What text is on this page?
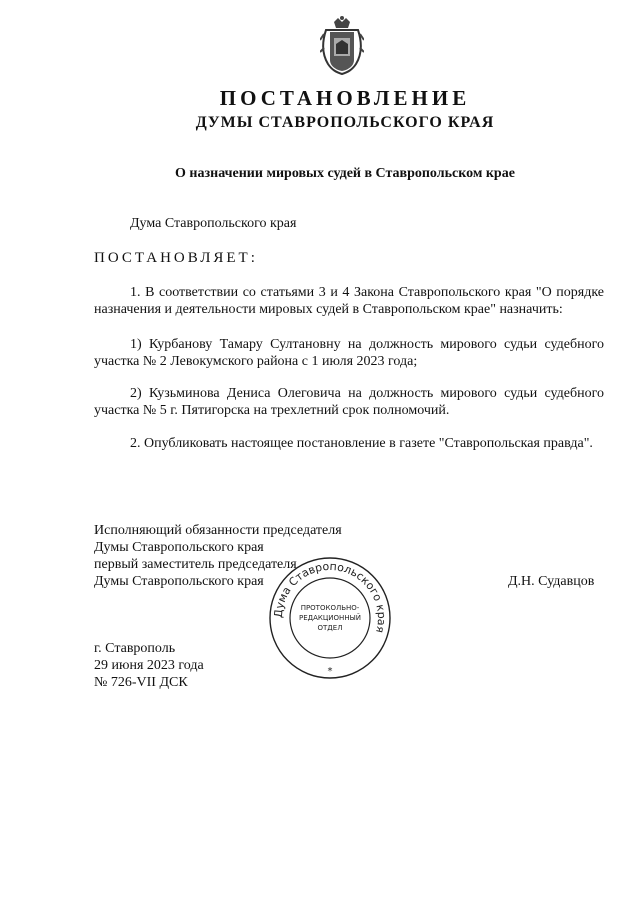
ПОСТАНОВЛЕНИЕ
ДУМЫ СТАВРОПОЛЬСКОГО КРАЯ
О назначении мировых судей в Ставропольском крае
Дума Ставропольского края
ПОСТАНОВЛЯЕТ:
1. В соответствии со статьями 3 и 4 Закона Ставропольского края "О порядке назначения и деятельности мировых судей в Ставропольском крае" назначить:
1) Курбанову Тамару Султановну на должность мирового судьи судебного участка № 2 Левокумского района с 1 июля 2023 года;
2) Кузьминова Дениса Олеговича на должность мирового судьи судебного участка № 5 г. Пятигорска на трехлетний срок полномочий.
2. Опубликовать настоящее постановление в газете "Ставропольская правда".
Исполняющий обязанности председателя
Думы Ставропольского края
первый заместитель председателя
Думы Ставропольского края	Д.Н. Судавцов
Дума Ставропольского края
ПРОТОКОЛЬНО-
РЕДАКЦИОННЫЙ
ОТДЕЛ
*
г. Ставрополь
29 июня 2023 года
№ 726-VII ДСК
